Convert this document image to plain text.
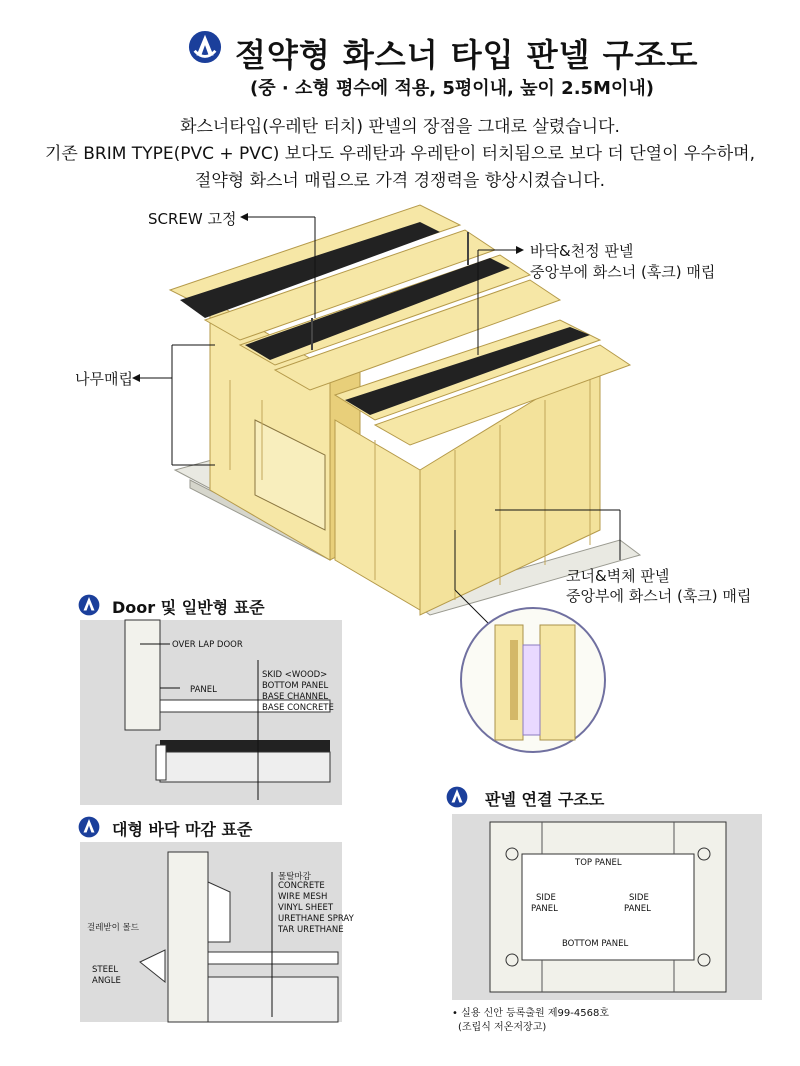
절약형 화스너 타입 판넬 구조도
(중 · 소형 평수에 적용, 5평이내, 높이 2.5M이내)
화스너타입(우레탄 터치) 판넬의 장점을 그대로 살렸습니다.
기존 BRIM TYPE(PVC + PVC) 보다도 우레탄과 우레탄이 터치됨으로 보다 더 단열이 우수하며,
절약형 화스너 매립으로 가격 경쟁력을 향상시켰습니다.
SCREW 고정
바닥&천정 판넬
중앙부에 화스너 (훅크) 매립
나무매립
코너&벽체 판넬
중앙부에 화스너 (훅크) 매립
Door 및 일반형 표준
OVER LAP DOOR
PANEL
SKID <WOOD>
BOTTOM PANEL
BASE CHANNEL
BASE CONCRETE
대형 바닥 마감 표준
걸레받이 몰드
STEEL
ANGLE
몰탈마감
CONCRETE
WIRE MESH
VINYL SHEET
URETHANE SPRAY
TAR URETHANE
판넬 연결 구조도
TOP PANEL
SIDE
PANEL
SIDE
PANEL
BOTTOM PANEL
• 실용 신안 등록출원 제99-4568호
(조립식 저온저장고)
